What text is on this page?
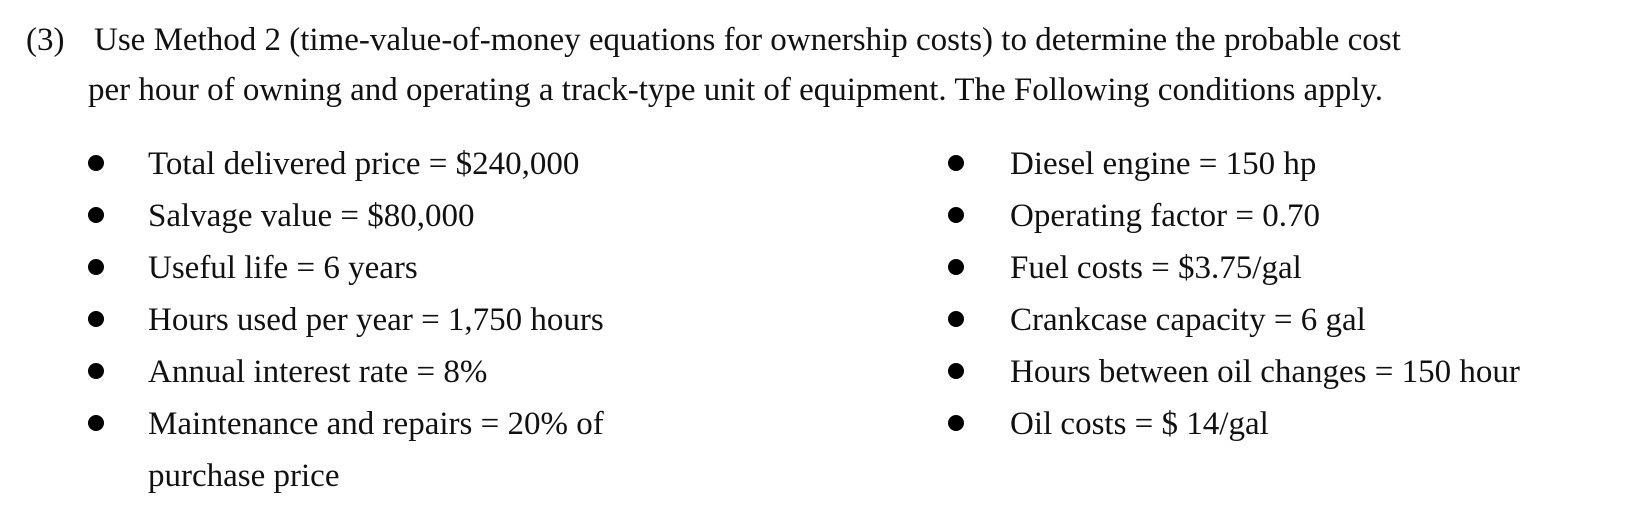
(3) Use Method 2 (time-value-of-money equations for ownership costs) to determine the probable cost
per hour of owning and operating a track-type unit of equipment. The Following conditions apply.
Total delivered price = $240,000
Salvage value = $80,000
Useful life = 6 years
Hours used per year = 1,750 hours
Annual interest rate = 8%
Maintenance and repairs = 20% of
purchase price
Diesel engine = 150 hp
Operating factor = 0.70
Fuel costs = $3.75/gal
Crankcase capacity = 6 gal
Hours between oil changes = 150 hour
Oil costs = $ 14/gal
